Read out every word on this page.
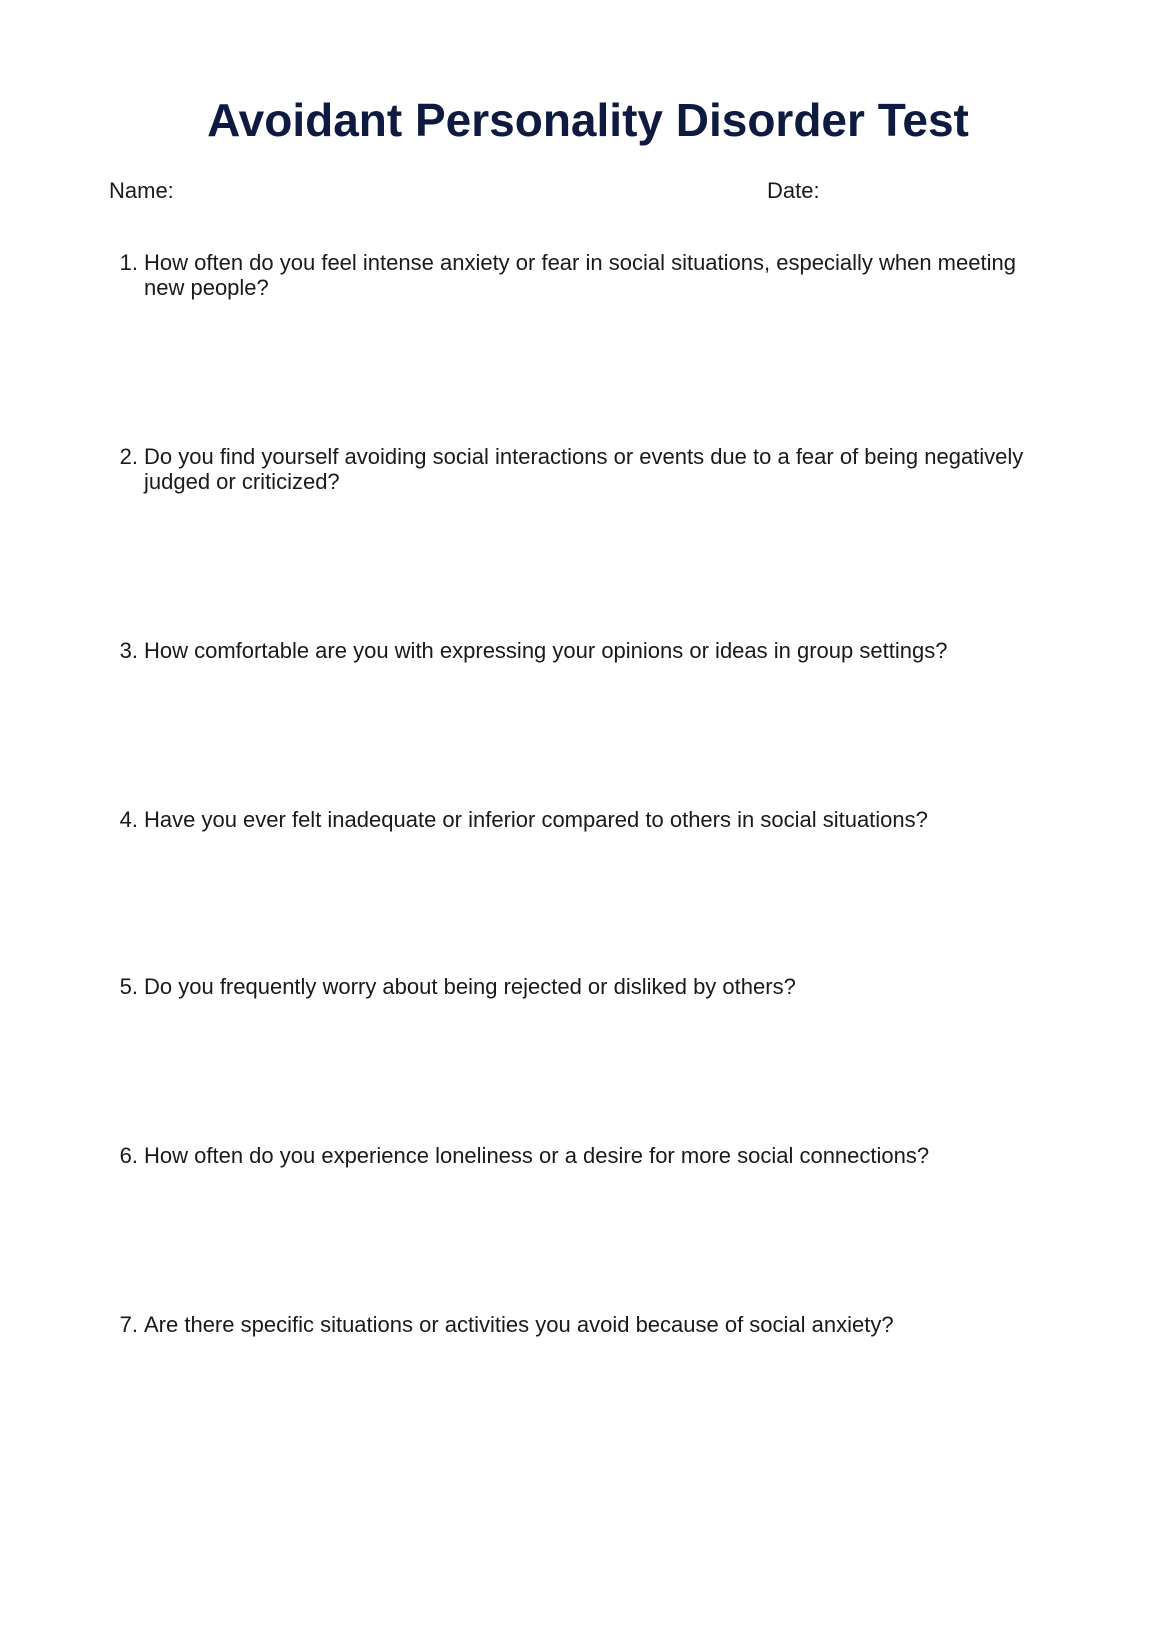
Avoidant Personality Disorder Test
Name:	Date:
1. How often do you feel intense anxiety or fear in social situations, especially when meeting new people?
2. Do you find yourself avoiding social interactions or events due to a fear of being negatively judged or criticized?
3. How comfortable are you with expressing your opinions or ideas in group settings?
4. Have you ever felt inadequate or inferior compared to others in social situations?
5. Do you frequently worry about being rejected or disliked by others?
6. How often do you experience loneliness or a desire for more social connections?
7. Are there specific situations or activities you avoid because of social anxiety?
